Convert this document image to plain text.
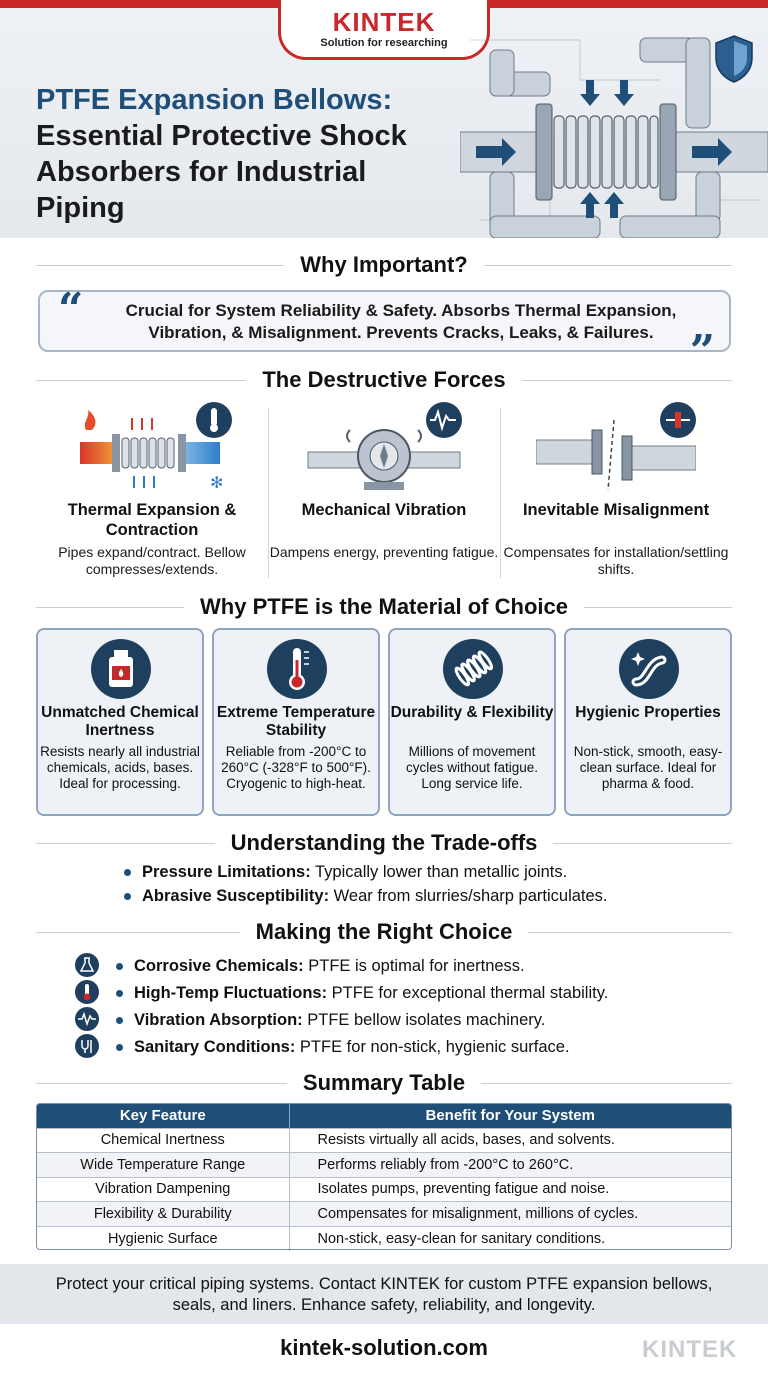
KINTEK
Solution for researching
PTFE Expansion Bellows:
Essential Protective Shock Absorbers for Industrial Piping
Why Important?
“	Crucial for System Reliability & Safety. Absorbs Thermal Expansion, Vibration, & Misalignment. Prevents Cracks, Leaks, & Failures. ”
The Destructive Forces
✻
Thermal Expansion & Contraction
Pipes expand/contract. Bellow compresses/extends.
Mechanical Vibration
Dampens energy, preventing fatigue.
Inevitable Misalignment
Compensates for installation/settling shifts.
Why PTFE is the Material of Choice
Unmatched Chemical Inertness
Resists nearly all industrial chemicals, acids, bases. Ideal for processing.
Extreme Temperature Stability
Reliable from -200°C to 260°C (-328°F to 500°F). Cryogenic to high-heat.
Durability & Flexibility
Millions of movement cycles without fatigue. Long service life.
Hygienic Properties
Non-stick, smooth, easy-clean surface. Ideal for pharma & food.
Understanding the Trade-offs
Pressure Limitations: Typically lower than metallic joints.
Abrasive Susceptibility: Wear from slurries/sharp particulates.
Making the Right Choice
Corrosive Chemicals: PTFE is optimal for inertness.
High-Temp Fluctuations: PTFE for exceptional thermal stability.
Vibration Absorption: PTFE bellow isolates machinery.
Sanitary Conditions: PTFE for non-stick, hygienic surface.
Summary Table
Key Feature	Benefit for Your System
Chemical Inertness	Resists virtually all acids, bases, and solvents.
Wide Temperature Range	Performs reliably from -200°C to 260°C.
Vibration Dampening	Isolates pumps, preventing fatigue and noise.
Flexibility & Durability	Compensates for misalignment, millions of cycles.
Hygienic Surface	Non-stick, easy-clean for sanitary conditions.
Protect your critical piping systems. Contact KINTEK for custom PTFE expansion bellows, seals, and liners. Enhance safety, reliability, and longevity.
kintek-solution.com	KINTEK
